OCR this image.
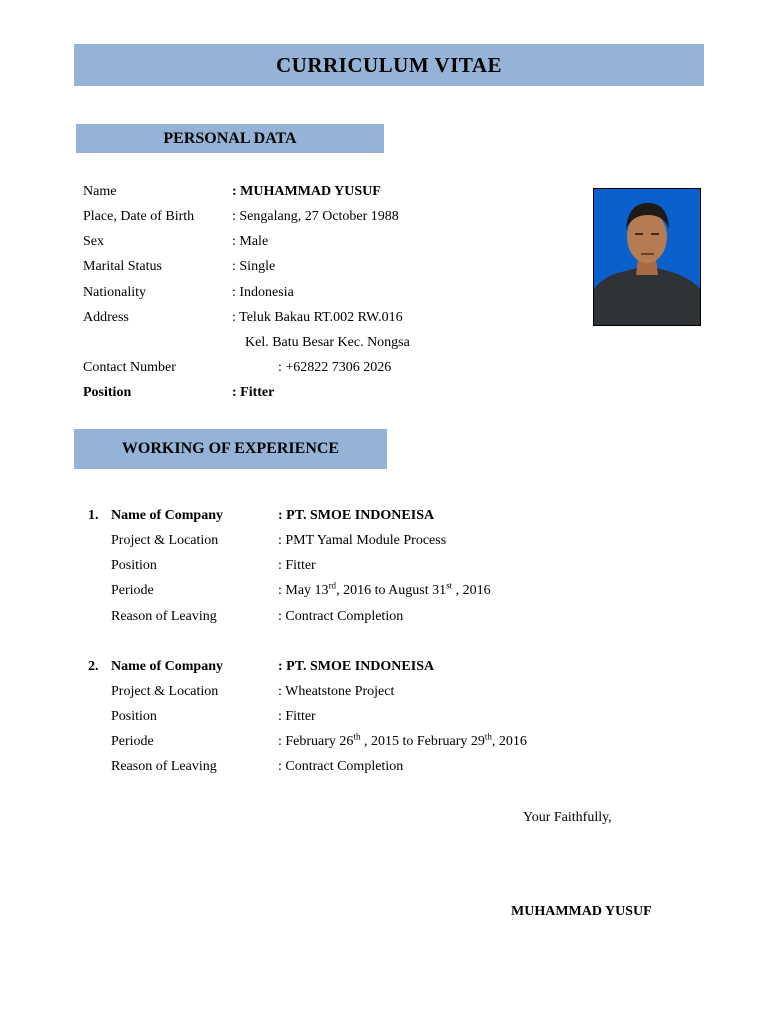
CURRICULUM VITAE
PERSONAL DATA
Name	: MUHAMMAD YUSUF
Place, Date of Birth	: Sengalang, 27 October 1988
Sex	: Male
Marital Status	: Single
Nationality	: Indonesia
Address	: Teluk Bakau RT.002 RW.016
Kel. Batu Besar Kec. Nongsa
Contact Number	: +62822 7306 2026
Position	: Fitter
WORKING OF EXPERIENCE
1. Name of Company	: PT. SMOE INDONEISA
Project & Location	: PMT Yamal Module Process
Position	: Fitter
Periode	: May 13rd, 2016 to August 31st , 2016
Reason of Leaving	: Contract Completion
2. Name of Company	: PT. SMOE INDONEISA
Project & Location	: Wheatstone Project
Position	: Fitter
Periode	: February 26th , 2015 to February 29th, 2016
Reason of Leaving	: Contract Completion
Your Faithfully,
MUHAMMAD YUSUF
